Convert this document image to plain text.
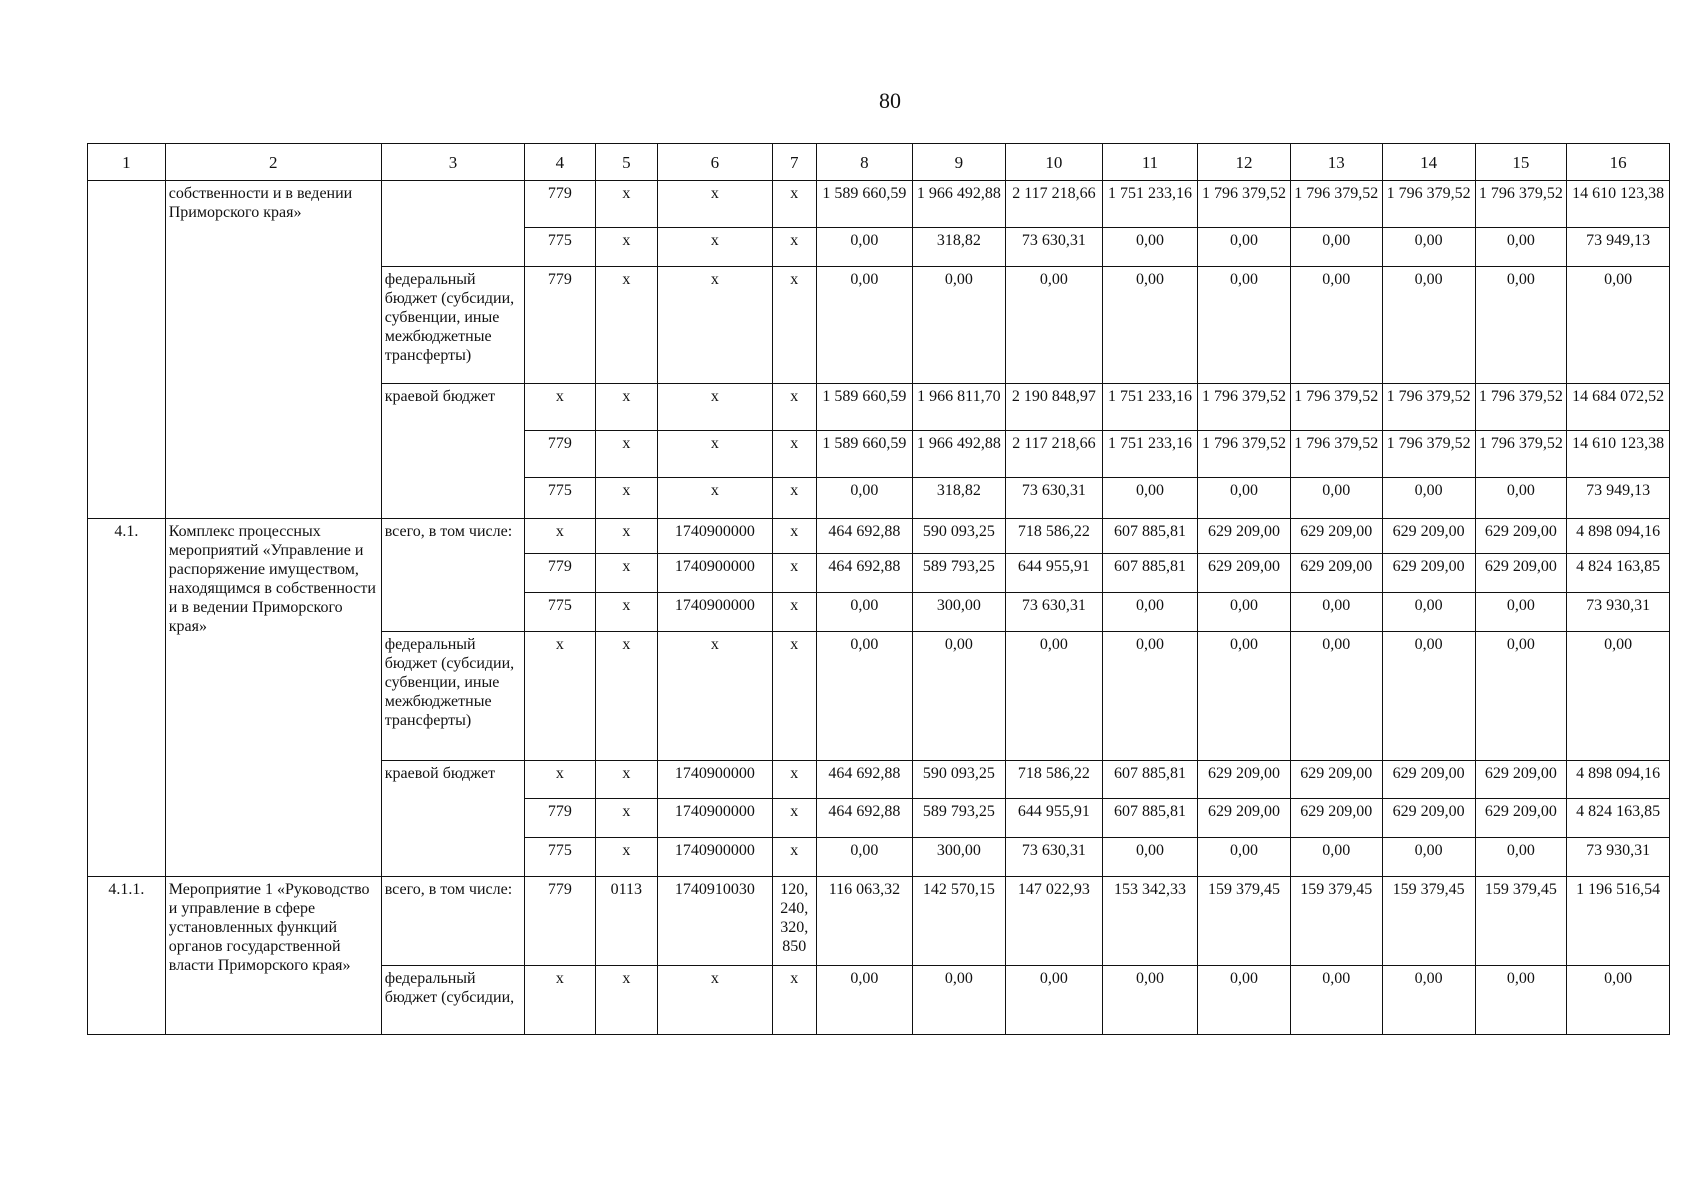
80
1	2	3	4	5	6	7	8	9	10	11	12	13	14	15	16
	собственности и в ведении Приморского края»		779	x	x	x	1 589 660,59	1 966 492,88	2 117 218,66	1 751 233,16	1 796 379,52	1 796 379,52	1 796 379,52	1 796 379,52	14 610 123,38
			775	x	x	x	0,00	318,82	73 630,31	0,00	0,00	0,00	0,00	0,00	73 949,13
		федеральный бюджет (субсидии, субвенции, иные межбюджетные трансферты)	779	x	x	x	0,00	0,00	0,00	0,00	0,00	0,00	0,00	0,00	0,00
		краевой бюджет	x	x	x	x	1 589 660,59	1 966 811,70	2 190 848,97	1 751 233,16	1 796 379,52	1 796 379,52	1 796 379,52	1 796 379,52	14 684 072,52
			779	x	x	x	1 589 660,59	1 966 492,88	2 117 218,66	1 751 233,16	1 796 379,52	1 796 379,52	1 796 379,52	1 796 379,52	14 610 123,38
			775	x	x	x	0,00	318,82	73 630,31	0,00	0,00	0,00	0,00	0,00	73 949,13
4.1.	Комплекс процессных мероприятий «Управление и распоряжение имуществом, находящимся в собственности и в ведении Приморского края»	всего, в том числе:	x	x	1740900000	x	464 692,88	590 093,25	718 586,22	607 885,81	629 209,00	629 209,00	629 209,00	629 209,00	4 898 094,16
			779	x	1740900000	x	464 692,88	589 793,25	644 955,91	607 885,81	629 209,00	629 209,00	629 209,00	629 209,00	4 824 163,85
			775	x	1740900000	x	0,00	300,00	73 630,31	0,00	0,00	0,00	0,00	0,00	73 930,31
		федеральный бюджет (субсидии, субвенции, иные межбюджетные трансферты)	x	x	x	x	0,00	0,00	0,00	0,00	0,00	0,00	0,00	0,00	0,00
		краевой бюджет	x	x	1740900000	x	464 692,88	590 093,25	718 586,22	607 885,81	629 209,00	629 209,00	629 209,00	629 209,00	4 898 094,16
			779	x	1740900000	x	464 692,88	589 793,25	644 955,91	607 885,81	629 209,00	629 209,00	629 209,00	629 209,00	4 824 163,85
			775	x	1740900000	x	0,00	300,00	73 630,31	0,00	0,00	0,00	0,00	0,00	73 930,31
4.1.1.	Мероприятие 1 «Руководство и управление в сфере установленных функций органов государственной власти Приморского края»	всего, в том числе:	779	0113	1740910030	120, 240, 320, 850	116 063,32	142 570,15	147 022,93	153 342,33	159 379,45	159 379,45	159 379,45	159 379,45	1 196 516,54
		федеральный бюджет (субсидии,	x	x	x	x	0,00	0,00	0,00	0,00	0,00	0,00	0,00	0,00	0,00
